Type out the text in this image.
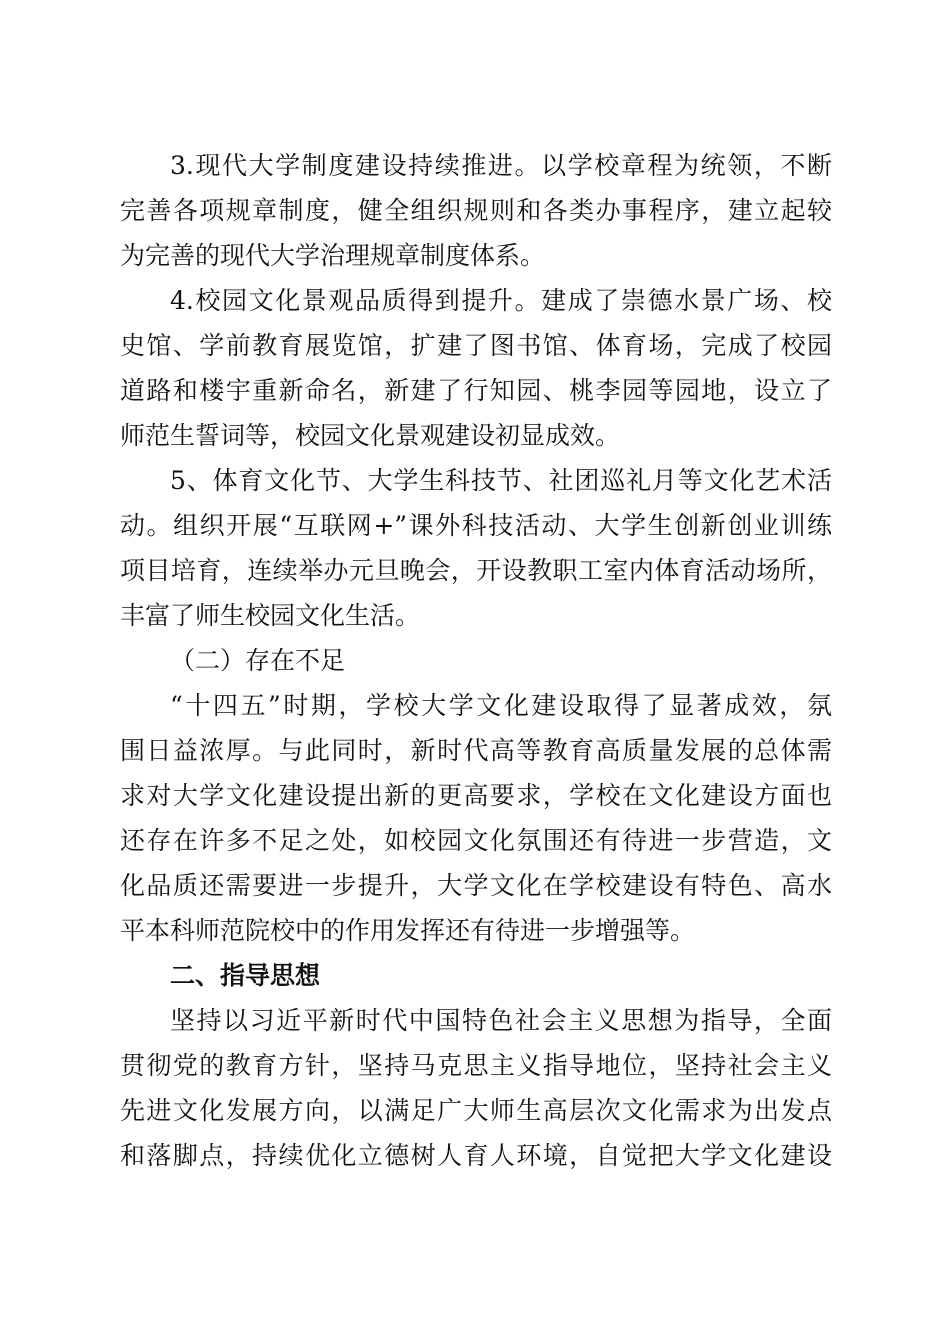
3.现代大学制度建设持续推进。以学校章程为统领，不断
完善各项规章制度，健全组织规则和各类办事程序，建立起较
为完善的现代大学治理规章制度体系。
4.校园文化景观品质得到提升。建成了崇德水景广场、校
史馆、学前教育展览馆，扩建了图书馆、体育场，完成了校园
道路和楼宇重新命名，新建了行知园、桃李园等园地，设立了
师范生誓词等，校园文化景观建设初显成效。
5、体育文化节、大学生科技节、社团巡礼月等文化艺术活
动。组织开展“互联网+”课外科技活动、大学生创新创业训练
项目培育，连续举办元旦晚会，开设教职工室内体育活动场所，
丰富了师生校园文化生活。
（二）存在不足
“十四五”时期，学校大学文化建设取得了显著成效，氛
围日益浓厚。与此同时，新时代高等教育高质量发展的总体需
求对大学文化建设提出新的更高要求，学校在文化建设方面也
还存在许多不足之处，如校园文化氛围还有待进一步营造，文
化品质还需要进一步提升，大学文化在学校建设有特色、高水
平本科师范院校中的作用发挥还有待进一步增强等。
二、指导思想
坚持以习近平新时代中国特色社会主义思想为指导，全面
贯彻党的教育方针，坚持马克思主义指导地位，坚持社会主义
先进文化发展方向，以满足广大师生高层次文化需求为出发点
和落脚点，持续优化立德树人育人环境，自觉把大学文化建设
